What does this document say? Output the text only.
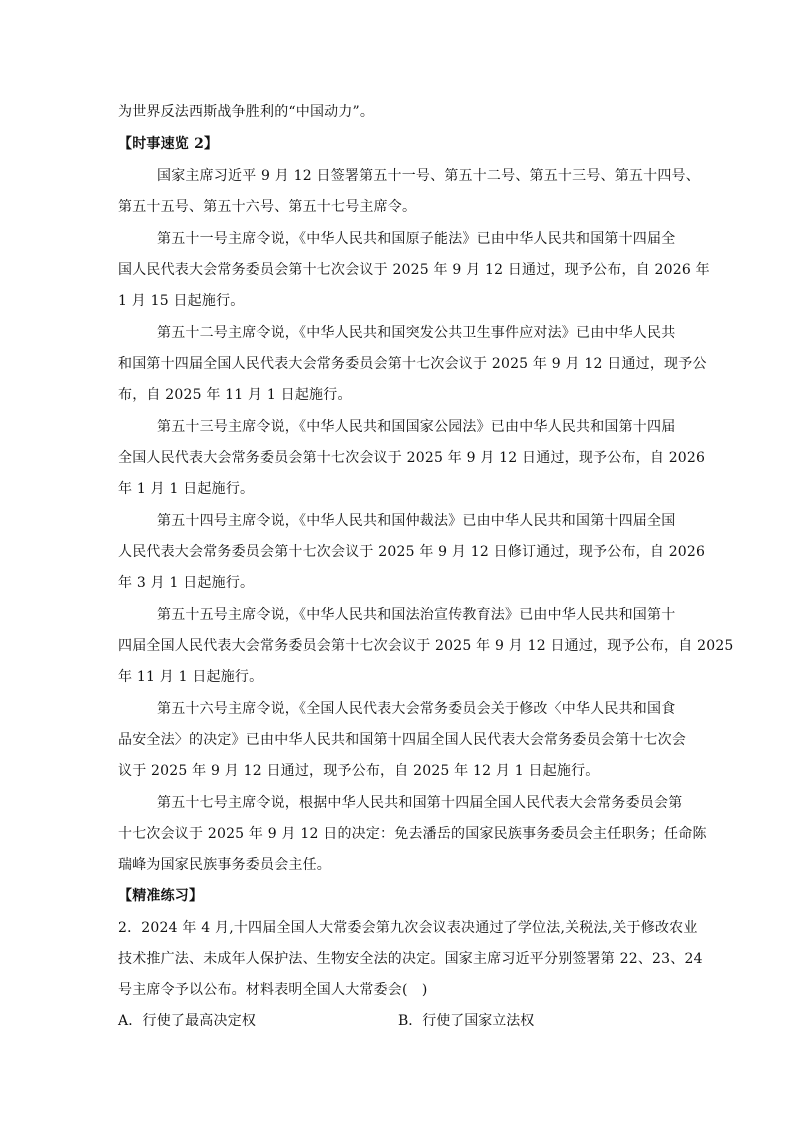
为世界反法西斯战争胜利的“中国动力”。
【时事速览 2】
国家主席习近平 9 月 12 日签署第五十一号、第五十二号、第五十三号、第五十四号、
第五十五号、第五十六号、第五十七号主席令。
第五十一号主席令说，《中华人民共和国原子能法》已由中华人民共和国第十四届全
国人民代表大会常务委员会第十七次会议于 2025 年 9 月 12 日通过，现予公布，自 2026 年
1 月 15 日起施行。
第五十二号主席令说，《中华人民共和国突发公共卫生事件应对法》已由中华人民共
和国第十四届全国人民代表大会常务委员会第十七次会议于 2025 年 9 月 12 日通过，现予公
布，自 2025 年 11 月 1 日起施行。
第五十三号主席令说，《中华人民共和国国家公园法》已由中华人民共和国第十四届
全国人民代表大会常务委员会第十七次会议于 2025 年 9 月 12 日通过，现予公布，自 2026
年 1 月 1 日起施行。
第五十四号主席令说，《中华人民共和国仲裁法》已由中华人民共和国第十四届全国
人民代表大会常务委员会第十七次会议于 2025 年 9 月 12 日修订通过，现予公布，自 2026
年 3 月 1 日起施行。
第五十五号主席令说，《中华人民共和国法治宣传教育法》已由中华人民共和国第十
四届全国人民代表大会常务委员会第十七次会议于 2025 年 9 月 12 日通过，现予公布，自 2025
年 11 月 1 日起施行。
第五十六号主席令说，《全国人民代表大会常务委员会关于修改〈中华人民共和国食
品安全法〉的决定》已由中华人民共和国第十四届全国人民代表大会常务委员会第十七次会
议于 2025 年 9 月 12 日通过，现予公布，自 2025 年 12 月 1 日起施行。
第五十七号主席令说，根据中华人民共和国第十四届全国人民代表大会常务委员会第
十七次会议于 2025 年 9 月 12 日的决定：免去潘岳的国家民族事务委员会主任职务；任命陈
瑞峰为国家民族事务委员会主任。
【精准练习】
2．2024 年 4 月,十四届全国人大常委会第九次会议表决通过了学位法,关税法,关于修改农业
技术推广法、未成年人保护法、生物安全法的决定。国家主席习近平分别签署第 22、23、24
号主席令予以公布。材料表明全国人大常委会(　)
A．行使了最高决定权	B．行使了国家立法权
